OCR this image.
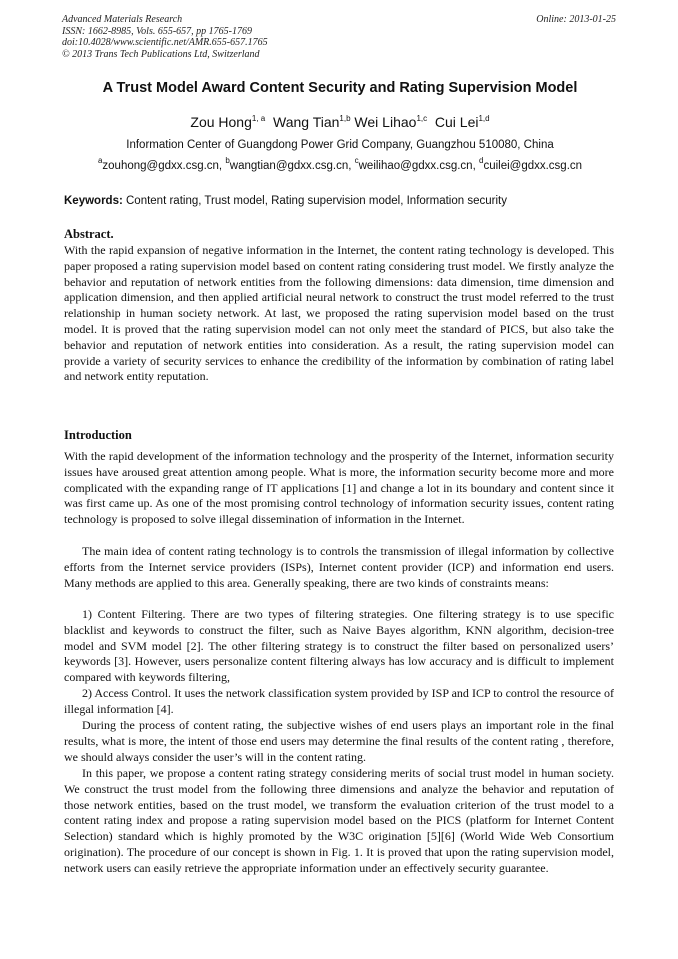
Advanced Materials Research
ISSN: 1662-8985, Vols. 655-657, pp 1765-1769
doi:10.4028/www.scientific.net/AMR.655-657.1765
© 2013 Trans Tech Publications Ltd, Switzerland
Online: 2013-01-25
A Trust Model Award Content Security and Rating Supervision Model
Zou Hong$^{1, a}$ Wang Tian$^{1,b}$ Wei Lihao$^{1,c}$ Cui Lei$^{1,d}$
Information Center of Guangdong Power Grid Company, Guangzhou 510080, China
$^a$zouhong@gdxx.csg.cn, $^b$wangtian@gdxx.csg.cn, $^c$weilihao@gdxx.csg.cn, $^d$cuilei@gdxx.csg.cn
Keywords: Content rating, Trust model, Rating supervision model, Information security
Abstract.

With the rapid expansion of negative information in the Internet, the content rating technology is developed. This paper proposed a rating supervision model based on content rating considering trust model. We firstly analyze the behavior and reputation of network entities from the following dimensions: data dimension, time dimension and application dimension, and then applied artificial neural network to construct the trust model referred to the trust relationship in human society network. At last, we proposed the rating supervision model based on the trust model. It is proved that the rating supervision model can not only meet the standard of PICS, but also take the behavior and reputation of network entities into consideration. As a result, the rating supervision model can provide a variety of security services to enhance the credibility of the information by combination of rating label and network entity reputation.

Introduction

With the rapid development of the information technology and the prosperity of the Internet, information security issues have aroused great attention among people. What is more, the information security become more and more complicated with the expanding range of IT applications [1] and change a lot in its boundary and content since it was first came up. As one of the most promising control technology of information security issues, content rating technology is proposed to solve illegal dissemination of information in the Internet.

The main idea of content rating technology is to controls the transmission of illegal information by collective efforts from the Internet service providers (ISPs), Internet content provider (ICP) and information end users. Many methods are applied to this area. Generally speaking, there are two kinds of constraints means:

1) Content Filtering. There are two types of filtering strategies. One filtering strategy is to use specific blacklist and keywords to construct the filter, such as Naive Bayes algorithm, KNN algorithm, decision-tree model and SVM model [2]. The other filtering strategy is to construct the filter based on personalized users’ keywords [3]. However, users personalize content filtering always has low accuracy and is difficult to implement compared with keywords filtering,

2) Access Control. It uses the network classification system provided by ISP and ICP to control the resource of illegal information [4].

During the process of content rating, the subjective wishes of end users plays an important role in the final results, what is more, the intent of those end users may determine the final results of the content rating , therefore, we should always consider the user’s will in the content rating.

In this paper, we propose a content rating strategy considering merits of social trust model in human society. We construct the trust model from the following three dimensions and analyze the behavior and reputation of those network entities, based on the trust model, we transform the evaluation criterion of the trust model to a content rating index and propose a rating supervision model based on the PICS (platform for Internet Content Selection) standard which is highly promoted by the W3C origination [5][6] (World Wide Web Consortium origination). The procedure of our concept is shown in Fig. 1. It is proved that upon the rating supervision model, network users can easily retrieve the appropriate information under an effectively security guarantee.
